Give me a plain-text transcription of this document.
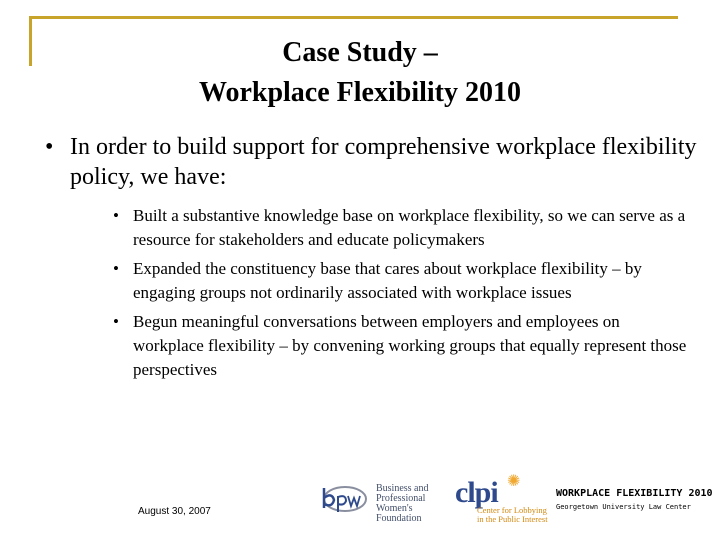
Case Study –
Workplace Flexibility 2010
• In order to build support for comprehensive workplace flexibility policy, we have:
• Built a substantive knowledge base on workplace flexibility, so we can serve as a resource for stakeholders and educate policymakers
• Expanded the constituency base that cares about workplace flexibility – by engaging groups not ordinarily associated with workplace issues
• Begun meaningful conversations between employers and employees on workplace flexibility – by convening working groups that equally represent those perspectives
August 30, 2007
Business and
Professional
Women's
Foundation
clpi ✺
Center for Lobbying
in the Public Interest
WORKPLACE FLEXIBILITY 2010
Georgetown University Law Center
